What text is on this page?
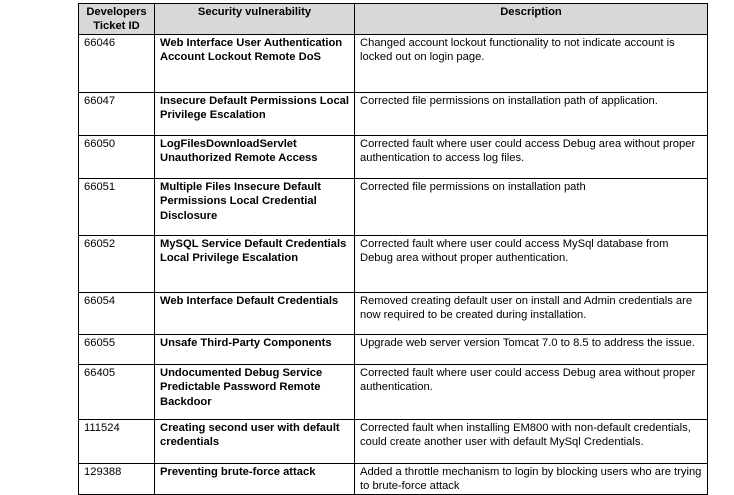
Developers Ticket ID	Security vulnerability	Description
66046	Web Interface User Authentication Account Lockout Remote DoS	Changed account lockout functionality to not indicate account is locked out on login page.
66047	Insecure Default Permissions Local Privilege Escalation	Corrected file permissions on installation path of application.
66050	LogFilesDownloadServlet Unauthorized Remote Access	Corrected fault where user could access Debug area without proper authentication to access log files.
66051	Multiple Files Insecure Default Permissions Local Credential Disclosure	Corrected file permissions on installation path
66052	MySQL Service Default Credentials Local Privilege Escalation	Corrected fault where user could access MySql database from Debug area without proper authentication.
66054	Web Interface Default Credentials	Removed creating default user on install and Admin credentials are now required to be created during installation.
66055	Unsafe Third-Party Components	Upgrade web server version Tomcat 7.0 to 8.5 to address the issue.
66405	Undocumented Debug Service Predictable Password Remote Backdoor	Corrected fault where user could access Debug area without proper authentication.
111524	Creating second user with default credentials	Corrected fault when installing EM800 with non-default credentials, could create another user with default MySql Credentials.
129388	Preventing brute-force attack	Added a throttle mechanism to login by blocking users who are trying to brute-force attack
